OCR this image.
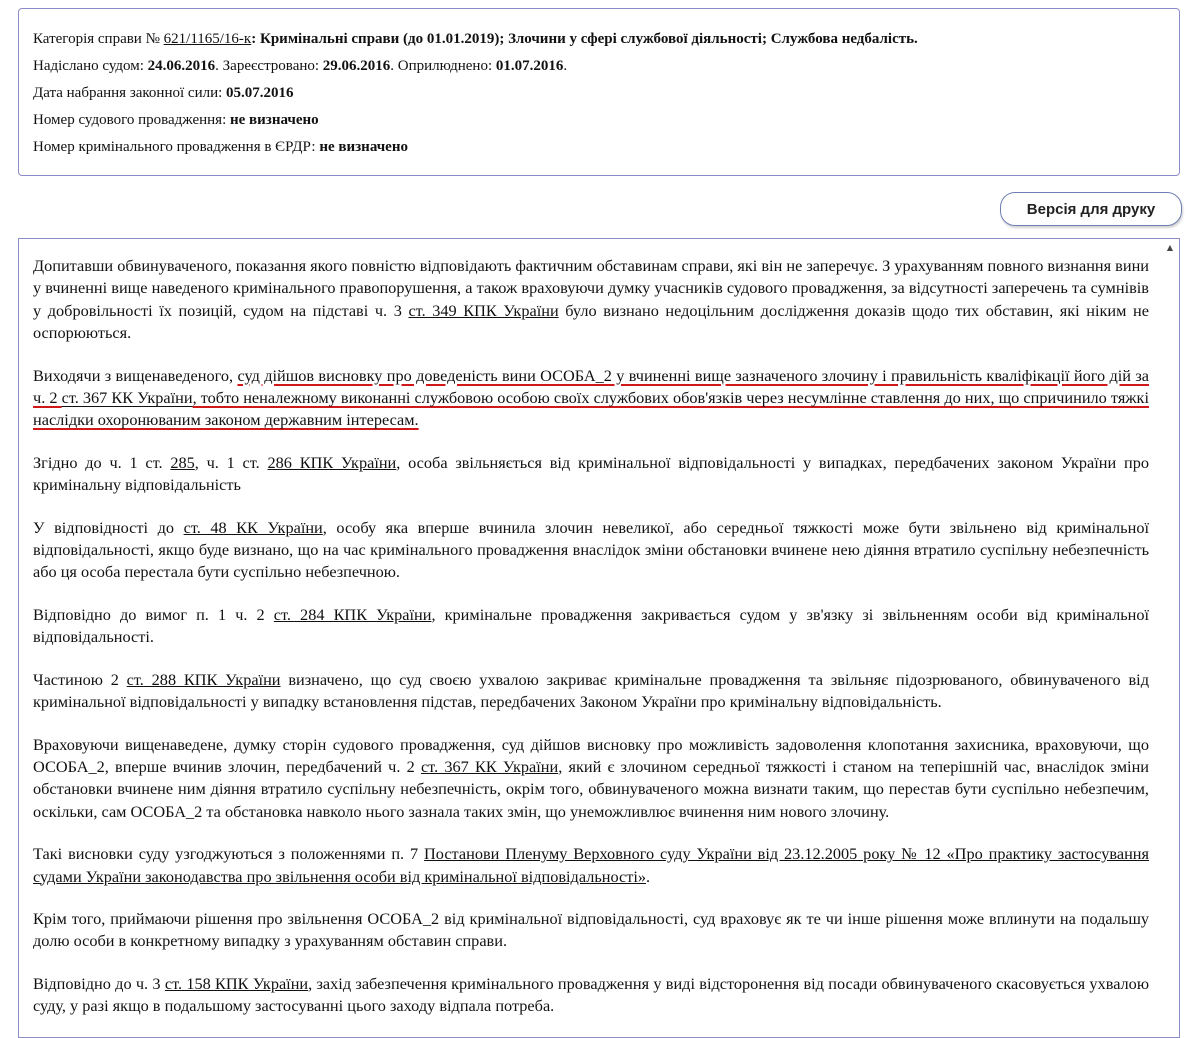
Категорія справи № 621/1165/16-к: Кримінальні справи (до 01.01.2019); Злочини у сфері службової діяльності; Службова недбалість.
Надіслано судом: 24.06.2016. Зареєстровано: 29.06.2016. Оприлюднено: 01.07.2016.
Дата набрання законної сили: 05.07.2016
Номер судового провадження: не визначено
Номер кримінального провадження в ЄРДР: не визначено
Версія для друку
▲

Допитавши обвинуваченого, показання якого повністю відповідають фактичним обставинам справи, які він не заперечує. З урахуванням повного визнання вини у вчиненні вище наведеного кримінального правопорушення, а також враховуючи думку учасників судового провадження, за відсутності заперечень та сумнівів у добровільності їх позицій, судом на підставі ч. 3 ст. 349 КПК України було визнано недоцільним дослідження доказів щодо тих обставин, які ніким не оспорюються.

Виходячи з вищенаведеного, суд дійшов висновку про доведеність вини ОСОБА_2 у вчиненні вище зазначеного злочину і правильність кваліфікації його дій за ч. 2 ст. 367 КК України, тобто неналежному виконанні службовою особою своїх службових обов'язків через несумлінне ставлення до них, що спричинило тяжкі наслідки охоронюваним законом державним інтересам.

Згідно до ч. 1 ст. 285, ч. 1 ст. 286 КПК України, особа звільняється від кримінальної відповідальності у випадках, передбачених законом України про кримінальну відповідальність

У відповідності до ст. 48 КК України, особу яка вперше вчинила злочин невеликої, або середньої тяжкості може бути звільнено від кримінальної відповідальності, якщо буде визнано, що на час кримінального провадження внаслідок зміни обстановки вчинене нею діяння втратило суспільну небезпечність або ця особа перестала бути суспільно небезпечною.

Відповідно до вимог п. 1 ч. 2 ст. 284 КПК України, кримінальне провадження закривається судом у зв'язку зі звільненням особи від кримінальної відповідальності.

Частиною 2 ст. 288 КПК України визначено, що суд своєю ухвалою закриває кримінальне провадження та звільняє підозрюваного, обвинуваченого від кримінальної відповідальності у випадку встановлення підстав, передбачених Законом України про кримінальну відповідальність.

Враховуючи вищенаведене, думку сторін судового провадження, суд дійшов висновку про можливість задоволення клопотання захисника, враховуючи, що ОСОБА_2, вперше вчинив злочин, передбачений ч. 2 ст. 367 КК України, який є злочином середньої тяжкості і станом на теперішній час, внаслідок зміни обстановки вчинене ним діяння втратило суспільну небезпечність, окрім того, обвинуваченого можна визнати таким, що перестав бути суспільно небезпечим, оскільки, сам ОСОБА_2 та обстановка навколо нього зазнала таких змін, що унеможливлює вчинення ним нового злочину.

Такі висновки суду узгоджуються з положеннями п. 7 Постанови Пленуму Верховного суду України від 23.12.2005 року № 12 «Про практику застосування судами України законодавства про звільнення особи від кримінальної відповідальності».

Крім того, приймаючи рішення про звільнення ОСОБА_2 від кримінальної відповідальності, суд враховує як те чи інше рішення може вплинути на подальшу долю особи в конкретному випадку з урахуванням обставин справи.

Відповідно до ч. 3 ст. 158 КПК України, захід забезпечення кримінального провадження у виді відсторонення від посади обвинуваченого скасовується ухвалою суду, у разі якщо в подальшому застосуванні цього заходу відпала потреба.
